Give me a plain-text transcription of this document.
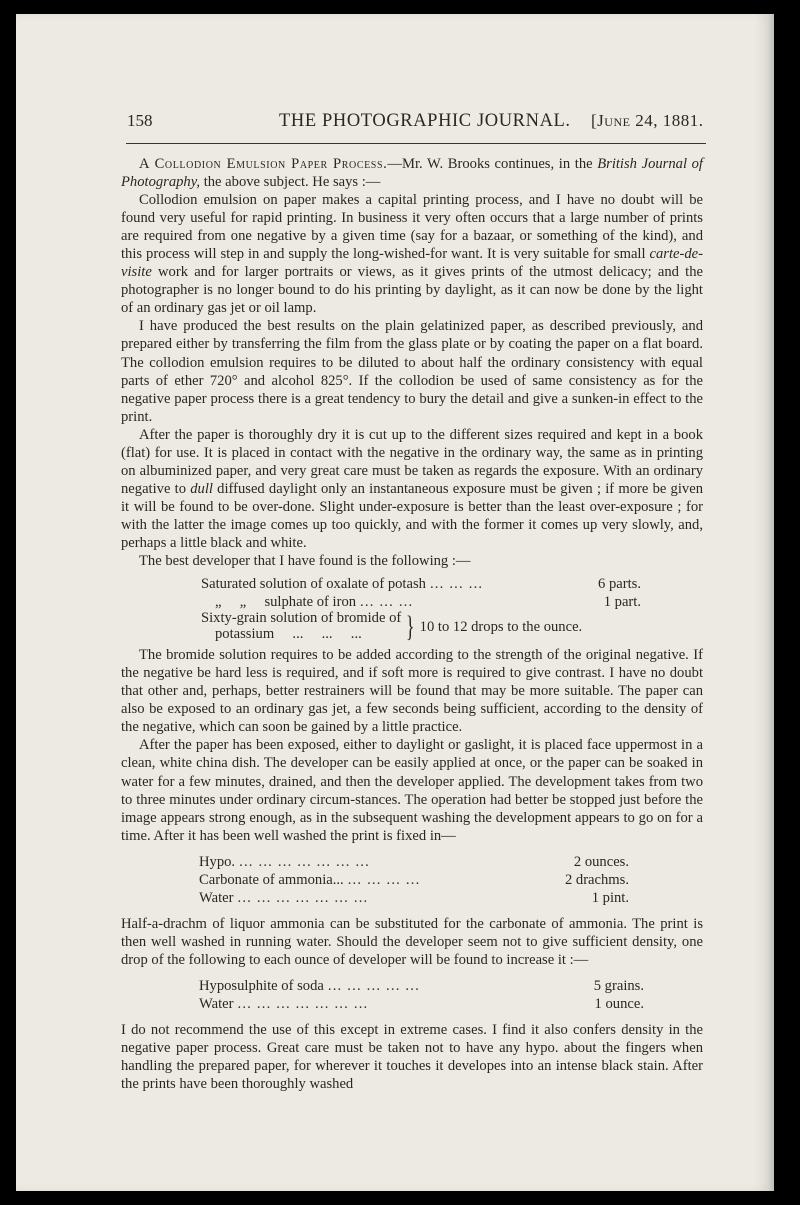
158	THE PHOTOGRAPHIC JOURNAL. [June 24, 1881.

A Collodion Emulsion Paper Process.—Mr. W. Brooks continues, in the British Journal of Photography, the above subject. He says :—

Collodion emulsion on paper makes a capital printing process, and I have no doubt will be found very useful for rapid printing. In business it very often occurs that a large number of prints are required from one negative by a given time (say for a bazaar, or something of the kind), and this process will step in and supply the long-wished-for want. It is very suitable for small carte-de-visite work and for larger portraits or views, as it gives prints of the utmost delicacy; and the photographer is no longer bound to do his printing by daylight, as it can now be done by the light of an ordinary gas jet or oil lamp.

I have produced the best results on the plain gelatinized paper, as described previously, and prepared either by transferring the film from the glass plate or by coating the paper on a flat board. The collodion emulsion requires to be diluted to about half the ordinary consistency with equal parts of ether 720° and alcohol 825°. If the collodion be used of same consistency as for the negative paper process there is a great tendency to bury the detail and give a sunken-in effect to the print.

After the paper is thoroughly dry it is cut up to the different sizes required and kept in a book (flat) for use. It is placed in contact with the negative in the ordinary way, the same as in printing on albuminized paper, and very great care must be taken as regards the exposure. With an ordinary negative to dull diffused daylight only an instantaneous exposure must be given ; if more be given it will be found to be over-done. Slight under-exposure is better than the least over-exposure ; for with the latter the image comes up too quickly, and with the former it comes up very slowly, and, perhaps a little black and white.

The best developer that I have found is the following :—

Saturated solution of oxalate of potash ... ... ...	6 parts.
„     „     sulphate of iron ... ... ...	1 part.
Sixty-grain solution of bromide of
potassium     ...     ...     ...	} 10 to 12 drops to the ounce.

The bromide solution requires to be added according to the strength of the original negative. If the negative be hard less is required, and if soft more is required to give contrast. I have no doubt that other and, perhaps, better restrainers will be found that may be more suitable. The paper can also be exposed to an ordinary gas jet, a few seconds being sufficient, according to the density of the negative, which can soon be gained by a little practice.

After the paper has been exposed, either to daylight or gaslight, it is placed face uppermost in a clean, white china dish. The developer can be easily applied at once, or the paper can be soaked in water for a few minutes, drained, and then the developer applied. The development takes from two to three minutes under ordinary circum-stances. The operation had better be stopped just before the image appears strong enough, as in the subsequent washing the development appears to go on for a time. After it has been well washed the print is fixed in—

Hypo. ... ... ... ... ... ... ...	2 ounces.
Carbonate of ammonia... ... ... ... ...	2 drachms.
Water ... ... ... ... ... ... ...	1 pint.

Half-a-drachm of liquor ammonia can be substituted for the carbonate of ammonia. The print is then well washed in running water. Should the developer seem not to give sufficient density, one drop of the following to each ounce of developer will be found to increase it :—

Hyposulphite of soda ... ... ... ... ...	5 grains.
Water ... ... ... ... ... ... ...	1 ounce.

I do not recommend the use of this except in extreme cases. I find it also confers density in the negative paper process. Great care must be taken not to have any hypo. about the fingers when handling the prepared paper, for wherever it touches it developes into an intense black stain. After the prints have been thoroughly washed
